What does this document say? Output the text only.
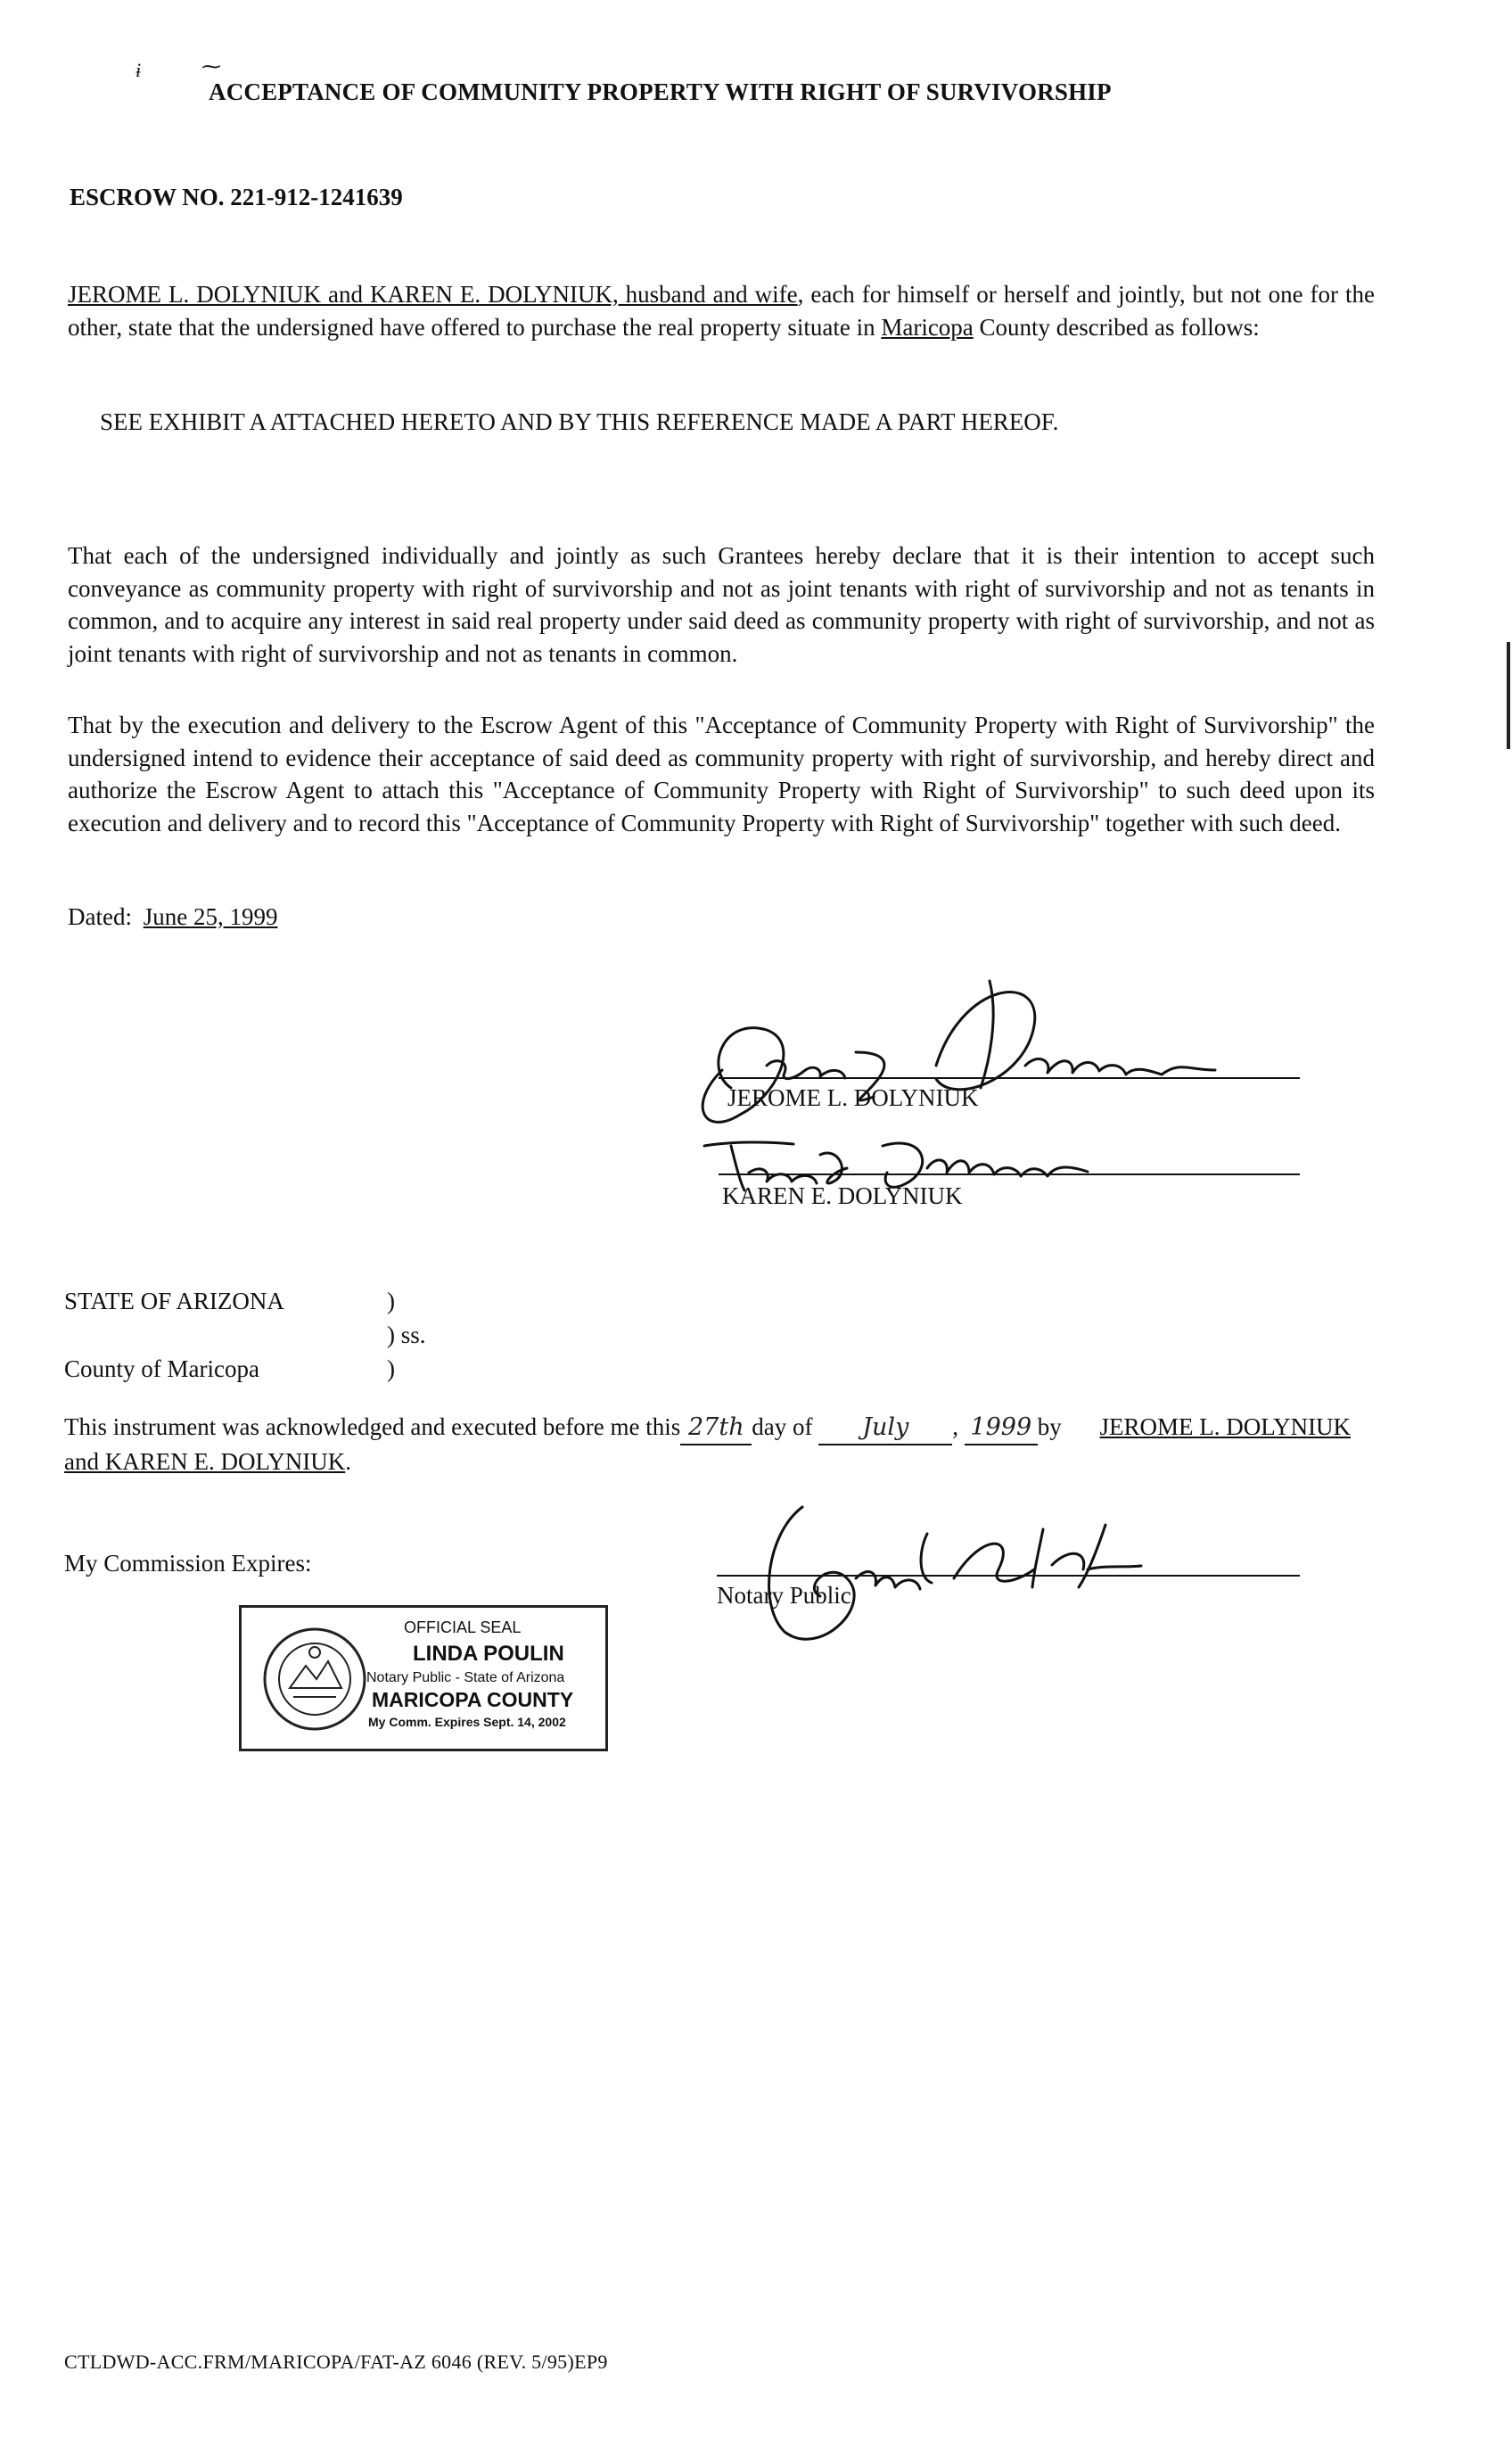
ɨ	⁓
ACCEPTANCE OF COMMUNITY PROPERTY WITH RIGHT OF SURVIVORSHIP
ESCROW NO. 221-912-1241639
JEROME L. DOLYNIUK and KAREN E. DOLYNIUK, husband and wife, each for himself or herself and jointly, but not one for the other, state that the undersigned have offered to purchase the real property situate in Maricopa County described as follows:
SEE EXHIBIT A ATTACHED HERETO AND BY THIS REFERENCE MADE A PART HEREOF.
That each of the undersigned individually and jointly as such Grantees hereby declare that it is their intention to accept such conveyance as community property with right of survivorship and not as joint tenants with right of survivorship and not as tenants in common, and to acquire any interest in said real property under said deed as community property with right of survivorship, and not as joint tenants with right of survivorship and not as tenants in common.
That by the execution and delivery to the Escrow Agent of this "Acceptance of Community Property with Right of Survivorship" the undersigned intend to evidence their acceptance of said deed as community property with right of survivorship, and hereby direct and authorize the Escrow Agent to attach this "Acceptance of Community Property with Right of Survivorship" to such deed upon its execution and delivery and to record this "Acceptance of Community Property with Right of Survivorship" together with such deed.
Dated: June 25, 1999
JEROME L. DOLYNIUK
KAREN E. DOLYNIUK
STATE OF ARIZONA	)
) ss.
County of Maricopa	)
This instrument was acknowledged and executed before me this 27th day of July , 1999 by JEROME L. DOLYNIUK and KAREN E. DOLYNIUK.
My Commission Expires:
Notary Public
OFFICIAL SEAL
LINDA POULIN
Notary Public - State of Arizona
MARICOPA COUNTY
My Comm. Expires Sept. 14, 2002
CTLDWD-ACC.FRM/MARICOPA/FAT-AZ 6046 (REV. 5/95)EP9
